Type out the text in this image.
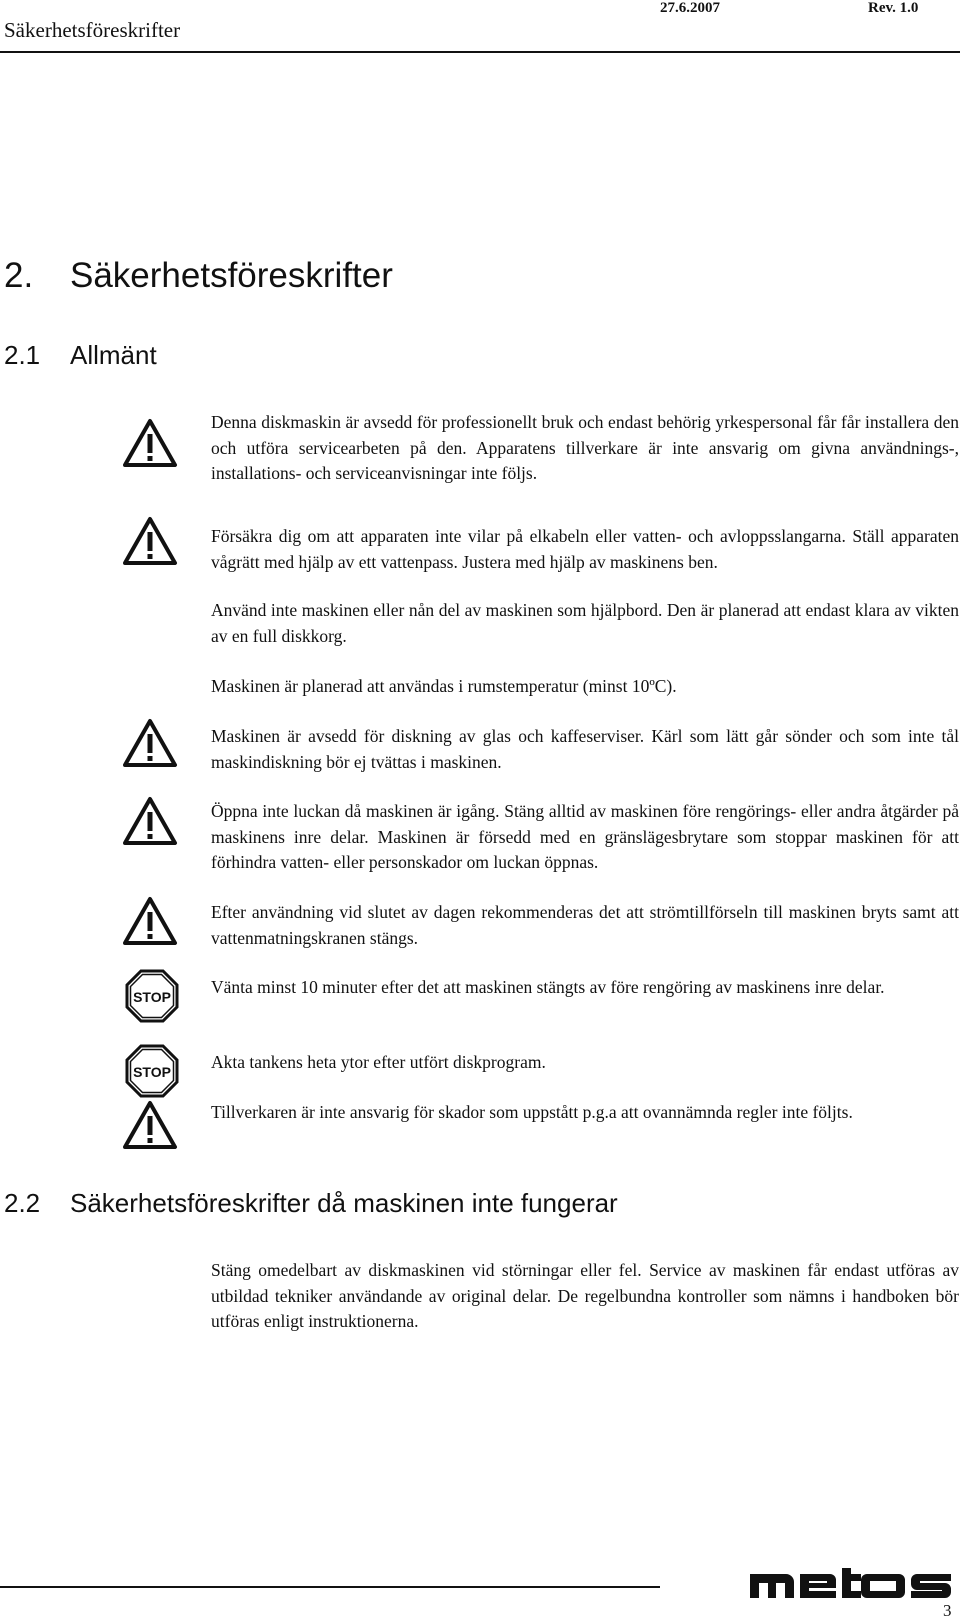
Säkerhetsföreskrifter
27.6.2007	Rev. 1.0
2. Säkerhetsföreskrifter
2.1 Allmänt

Denna diskmaskin är avsedd för professionellt bruk och endast behörig yrkespersonal får får installera den och utföra servicearbeten på den. Apparatens tillverkare är inte ansvarig om givna användnings-, installations- och serviceanvisningar inte följs.

Försäkra dig om att apparaten inte vilar på elkabeln eller vatten- och avloppsslangarna. Ställ apparaten vågrätt med hjälp av ett vattenpass. Justera med hjälp av maskinens ben.

Använd inte maskinen eller nån del av maskinen som hjälpbord. Den är planerad att endast klara av vikten av en full diskkorg.

Maskinen är planerad att användas i rumstemperatur (minst 10ºC).

Maskinen är avsedd för diskning av glas och kaffeserviser. Kärl som lätt går sönder och som inte tål maskindiskning bör ej tvättas i maskinen.

Öppna inte luckan då maskinen är igång. Stäng alltid av maskinen före rengörings- eller andra åtgärder på maskinens inre delar. Maskinen är försedd med en gränslägesbrytare som stoppar maskinen för att förhindra vatten- eller personskador om luckan öppnas.

Efter användning vid slutet av dagen rekommenderas det att strömtillförseln till maskinen bryts samt att vattenmatningskranen stängs.

Vänta minst 10 minuter efter det att maskinen stängts av före rengöring av maskinens inre delar.

Akta tankens heta ytor efter utfört diskprogram.

Tillverkaren är inte ansvarig för skador som uppstått p.g.a att ovannämnda regler inte följts.

2.2 Säkerhetsföreskrifter då maskinen inte fungerar

Stäng omedelbart av diskmaskinen vid störningar eller fel. Service av maskinen får endast utföras av utbildad tekniker användande av original delar. De regelbundna kontroller som nämns i handboken bör utföras enligt instruktionerna.

STOP
STOP
3
